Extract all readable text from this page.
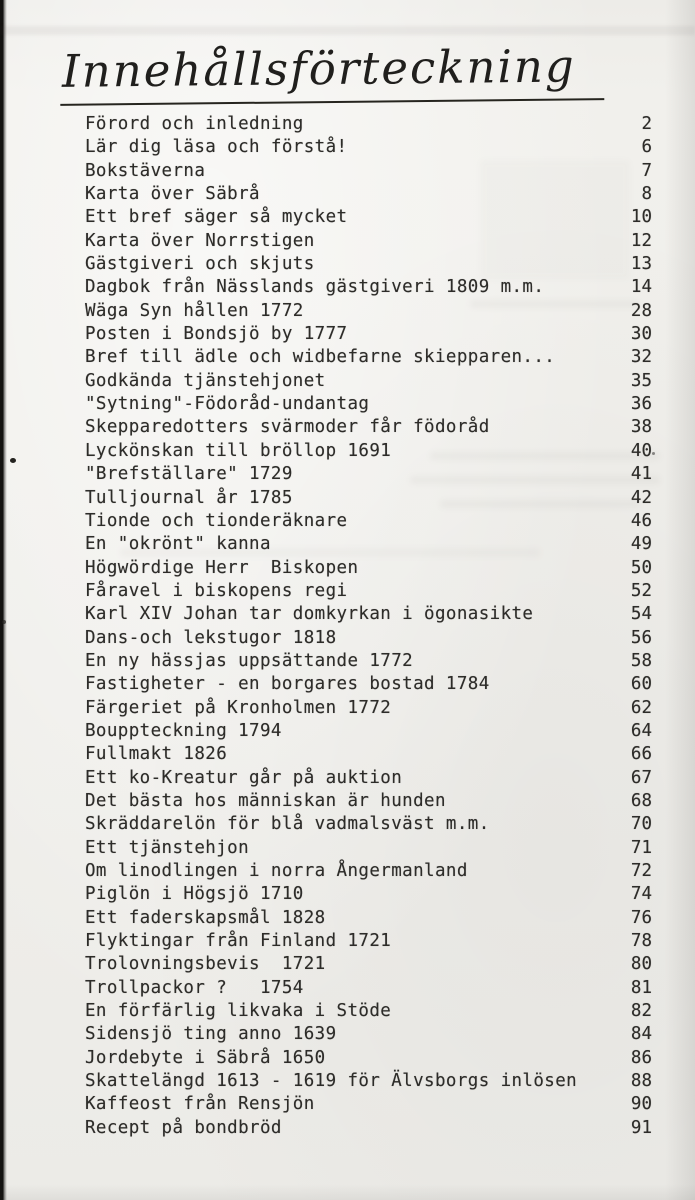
Innehållsförteckning
Förord och inledning	2
Lär dig läsa och förstå!	6
Bokstäverna	7
Karta över Säbrå	8
Ett bref säger så mycket	10
Karta över Norrstigen	12
Gästgiveri och skjuts	13
Dagbok från Nässlands gästgiveri 1809 m.m.	14
Wäga Syn hållen 1772	28
Posten i Bondsjö by 1777	30
Bref till ädle och widbefarne skiepparen...	32
Godkända tjänstehjonet	35
"Sytning"-Födoråd-undantag	36
Skepparedotters svärmoder får födoråd	38
Lyckönskan till bröllop 1691	40
"Brefställare" 1729	41
Tulljournal år 1785	42
Tionde och tionderäknare	46
En "okrönt" kanna	49
Högwördige Herr  Biskopen	50
Fåravel i biskopens regi	52
Karl XIV Johan tar domkyrkan i ögonasikte	54
Dans-och lekstugor 1818	56
En ny hässjas uppsättande 1772	58
Fastigheter - en borgares bostad 1784	60
Färgeriet på Kronholmen 1772	62
Bouppteckning 1794	64
Fullmakt 1826	66
Ett ko-Kreatur går på auktion	67
Det bästa hos människan är hunden	68
Skräddarelön för blå vadmalsväst m.m.	70
Ett tjänstehjon	71
Om linodlingen i norra Ångermanland	72
Piglön i Högsjö 1710	74
Ett faderskapsmål 1828	76
Flyktingar från Finland 1721	78
Trolovningsbevis  1721	80
Trollpackor ?   1754	81
En förfärlig likvaka i Stöde	82
Sidensjö ting anno 1639	84
Jordebyte i Säbrå 1650	86
Skattelängd 1613 - 1619 för Älvsborgs inlösen	88
Kaffeost från Rensjön	90
Recept på bondbröd	91
